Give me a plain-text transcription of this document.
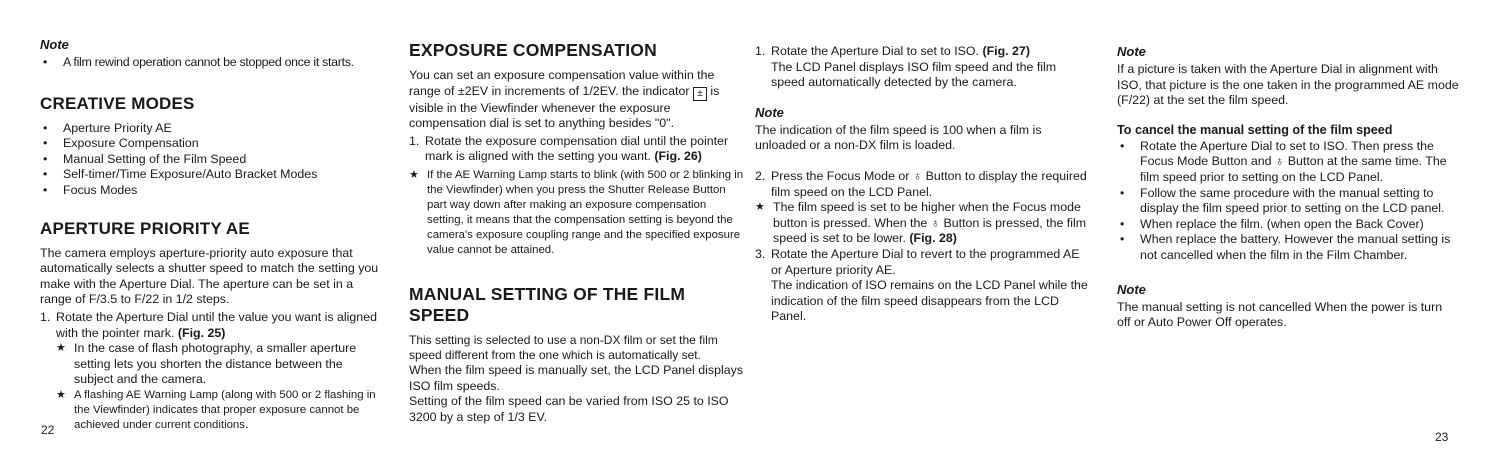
Note
• A film rewind operation cannot be stopped once it starts.
CREATIVE MODES
• Aperture Priority AE
• Exposure Compensation
• Manual Setting of the Film Speed
• Self-timer/Time Exposure/Auto Bracket Modes
• Focus Modes
APERTURE PRIORITY AE

The camera employs aperture-priority auto exposure that automatically selects a shutter speed to match the setting you make with the Aperture Dial. The aperture can be set in a range of F/3.5 to F/22 in 1/2 steps.

1. Rotate the Aperture Dial until the value you want is aligned with the pointer mark. (Fig. 25)
★ In the case of flash photography, a smaller aperture setting lets you shorten the distance between the subject and the camera.
★ A flashing AE Warning Lamp (along with 500 or 2 flashing in the Viewfinder) indicates that proper exposure cannot be achieved under current conditions.
22
EXPOSURE COMPENSATION

You can set an exposure compensation value within the range of ±2EV in increments of 1/2EV. the indicator ± is visible in the Viewfinder whenever the exposure compensation dial is set to anything besides "0".

1. Rotate the exposure compensation dial until the pointer mark is aligned with the setting you want. (Fig. 26)
★ If the AE Warning Lamp starts to blink (with 500 or 2 blinking in the Viewfinder) when you press the Shutter Release Button part way down after making an exposure compensation setting, it means that the compensation setting is beyond the camera's exposure coupling range and the specified exposure value cannot be attained.
MANUAL SETTING OF THE FILM SPEED

This setting is selected to use a non-DX film or set the film speed different from the one which is automatically set.

When the film speed is manually set, the LCD Panel displays ISO film speeds.

Setting of the film speed can be varied from ISO 25 to ISO 3200 by a step of 1/3 EV.

1. Rotate the Aperture Dial to set to ISO. (Fig. 27)
The LCD Panel displays ISO film speed and the film speed automatically detected by the camera.
Note

The indication of the film speed is 100 when a film is unloaded or a non-DX film is loaded.

2. Press the Focus Mode or ♁ Button to display the required film speed on the LCD Panel.
★ The film speed is set to be higher when the Focus mode button is pressed. When the ♁ Button is pressed, the film speed is set to be lower. (Fig. 28)
3. Rotate the Aperture Dial to revert to the programmed AE or Aperture priority AE.
The indication of ISO remains on the LCD Panel while the indication of the film speed disappears from the LCD Panel.
Note

If a picture is taken with the Aperture Dial in alignment with ISO, that picture is the one taken in the programmed AE mode (F/22) at the set the film speed.

To cancel the manual setting of the film speed
• Rotate the Aperture Dial to set to ISO. Then press the Focus Mode Button and ♁ Button at the same time. The film speed prior to setting on the LCD Panel.
• Follow the same procedure with the manual setting to display the film speed prior to setting on the LCD panel.
• When replace the film. (when open the Back Cover)
• When replace the battery. However the manual setting is not cancelled when the film in the Film Chamber.
Note

The manual setting is not cancelled When the power is turn off or Auto Power Off operates.

23
